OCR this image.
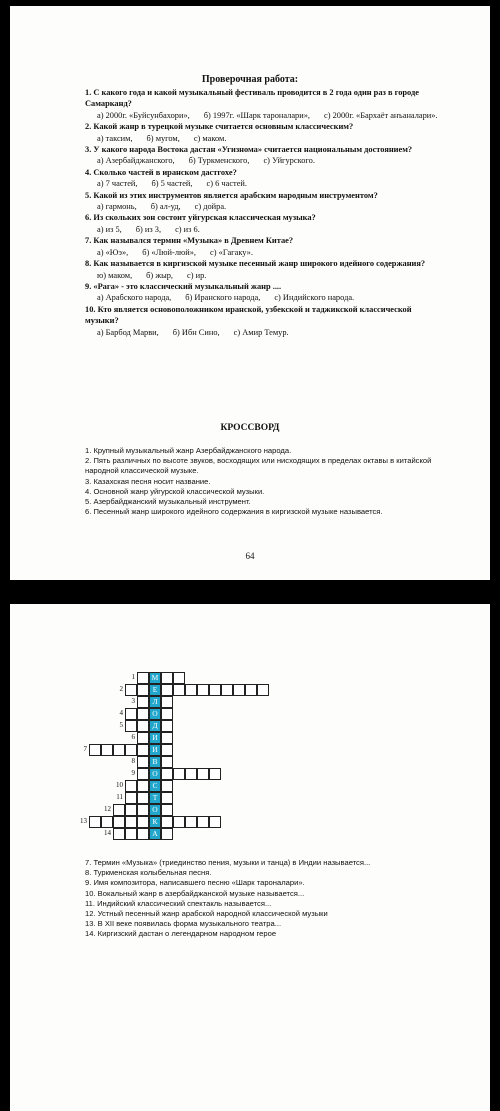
Проверочная работа:
1. С какого года и какой музыкальный фестиваль проводится в 2 года один раз в городе Самарканд?
а) 2000г. «Буйсунбахори», б) 1997г. «Шарк тароналари», с) 2000г. «Бархаёт анъаналари».
2. Какой жанр в турецкой музыке считается основным классическим?
а) таксим, б) мугом, с) маком.
3. У какого народа Востока дастан «Угизнома» считается национальным достоянием?
а) Азербайджанского, б) Туркменского, с) Уйгурского.
4. Сколько частей в иранском дастгохе?
а) 7 частей, б) 5 частей, с) 6 частей.
5. Какой из этих инструментов является арабским народным инструментом?
а) гармонь, б) ал-уд, с) дойра.
6. Из скольких зон состоит уйгурская классическая музыка?
а) из 5, б) из 3, с) из 6.
7. Как назывался термин «Музыка» в Древнем Китае?
а) «Юэ», б) «Люй-люй», с) «Гагаку».
8. Как называется в киргизской музыке песенный жанр широкого идейного содержания?
ю) маком, б) жыр, с) ир.
9. «Рага» - это классический музыкальный жанр ....
а) Арабского народа, б) Иранского народа, с) Индийского народа.
10. Кто является основоположником иранской, узбекской и таджикской классической музыки?
а) Барбод Марви, б) Ибн Сино, с) Амир Темур.
КРОССВОРД
1. Крупный музыкальный жанр Азербайджанского народа.
2. Пять различных по высоте звуков, восходящих или нисходящих в пределах октавы в китайской народной классической музыке.
3. Казахская песня носит название.
4. Основной жанр уйгурской классической музыки.
5. Азербайджанский музыкальный инструмент.
6. Песенный жанр широкого идейного содержания в киргизской музыке называется.
64
М
1
Е
2
Л
3
О
4
Д
5
И
6
И
7
В
8
О
9
С
10
Т
11
О
12
К
13
А
14
7. Термин «Музыка» (триединство пения, музыки и танца) в Индии называется...
8. Туркменская колыбельная песня.
9. Имя композитора, написавшего песню «Шарк тароналари».
10. Вокальный жанр в азербайджанской музыке называется...
11. Индийский классический спектакль называется...
12. Устный песенный жанр арабской народной классической музыки
13. В XII веке появилась форма музыкального театра...
14. Киргизский дастан о легендарном народном герое
